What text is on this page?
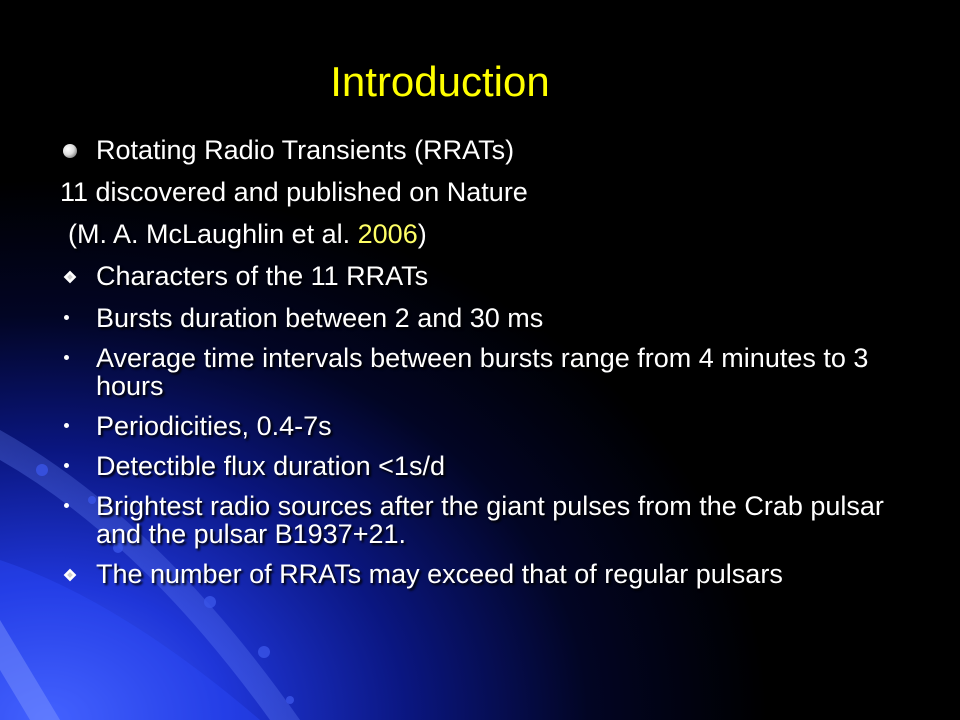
Introduction
Rotating Radio Transients (RRATs)
11 discovered and published on Nature
(M. A. McLaughlin et al. 2006)
Characters of the 11 RRATs
Bursts duration between 2 and 30 ms
Average time intervals between bursts range from 4 minutes to 3 hours
Periodicities, 0.4-7s
Detectible flux duration <1s/d
Brightest radio sources after the giant pulses from the Crab pulsar and the pulsar B1937+21.
The number of RRATs may exceed that of regular pulsars
